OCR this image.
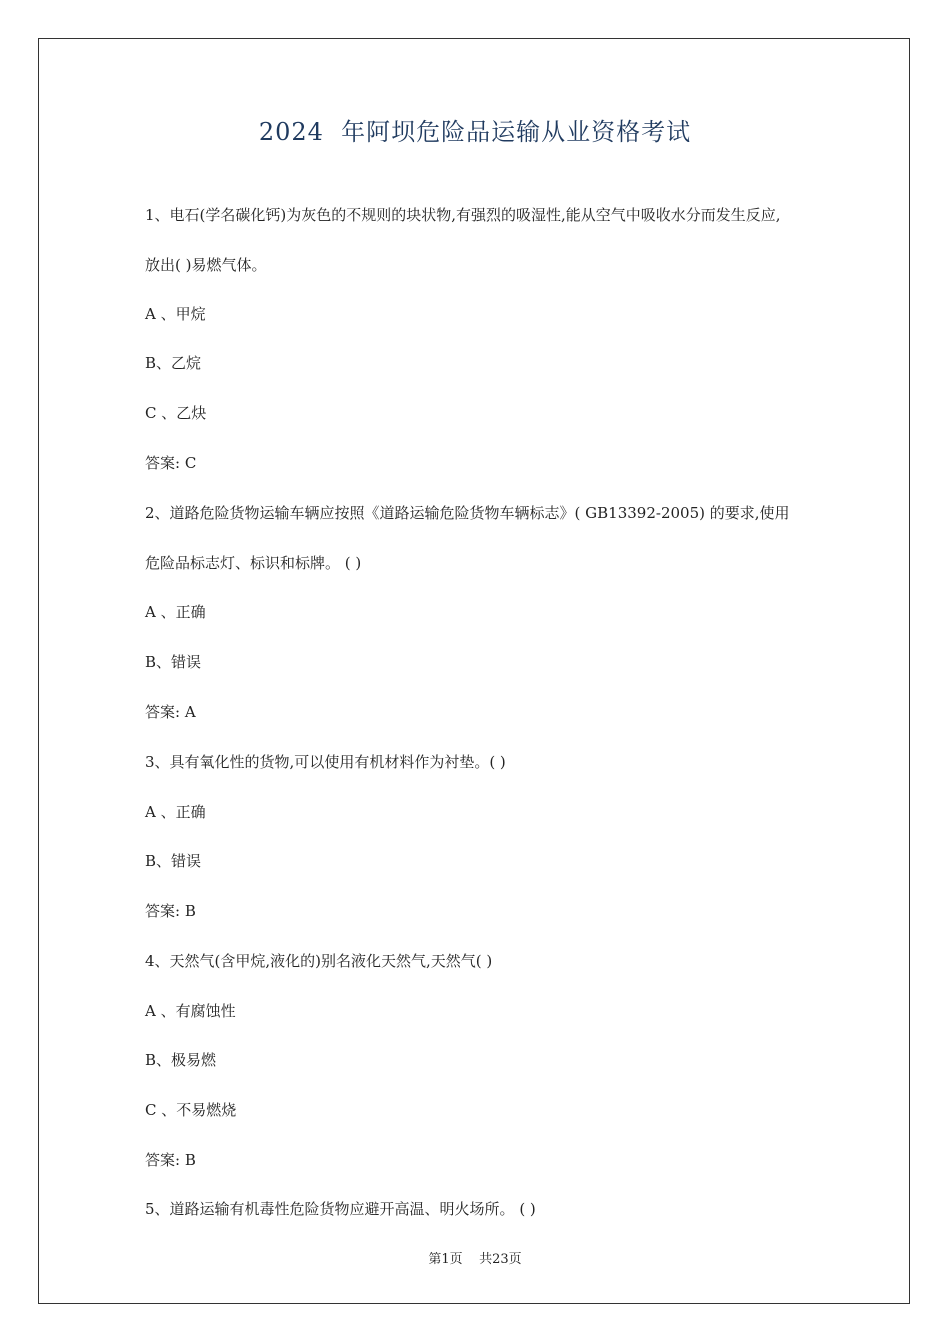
2024  年阿坝危险品运输从业资格考试
1、电石(学名碳化钙)为灰色的不规则的块状物,有强烈的吸湿性,能从空气中吸收水分而发生反应,
放出( )易燃气体。
A 、甲烷
B、乙烷
C 、乙炔
答案: C
2、道路危险货物运输车辆应按照《道路运输危险货物车辆标志》( GB13392-2005) 的要求,使用
危险品标志灯、标识和标牌。 ( )
A 、正确
B、错误
答案: A
3、具有氧化性的货物,可以使用有机材料作为衬垫。( )
A 、正确
B、错误
答案: B
4、天然气(含甲烷,液化的)别名液化天然气,天然气( )
A 、有腐蚀性
B、极易燃
C 、不易燃烧
答案: B
5、道路运输有机毒性危险货物应避开高温、明火场所。 ( )
第1页    共23页
